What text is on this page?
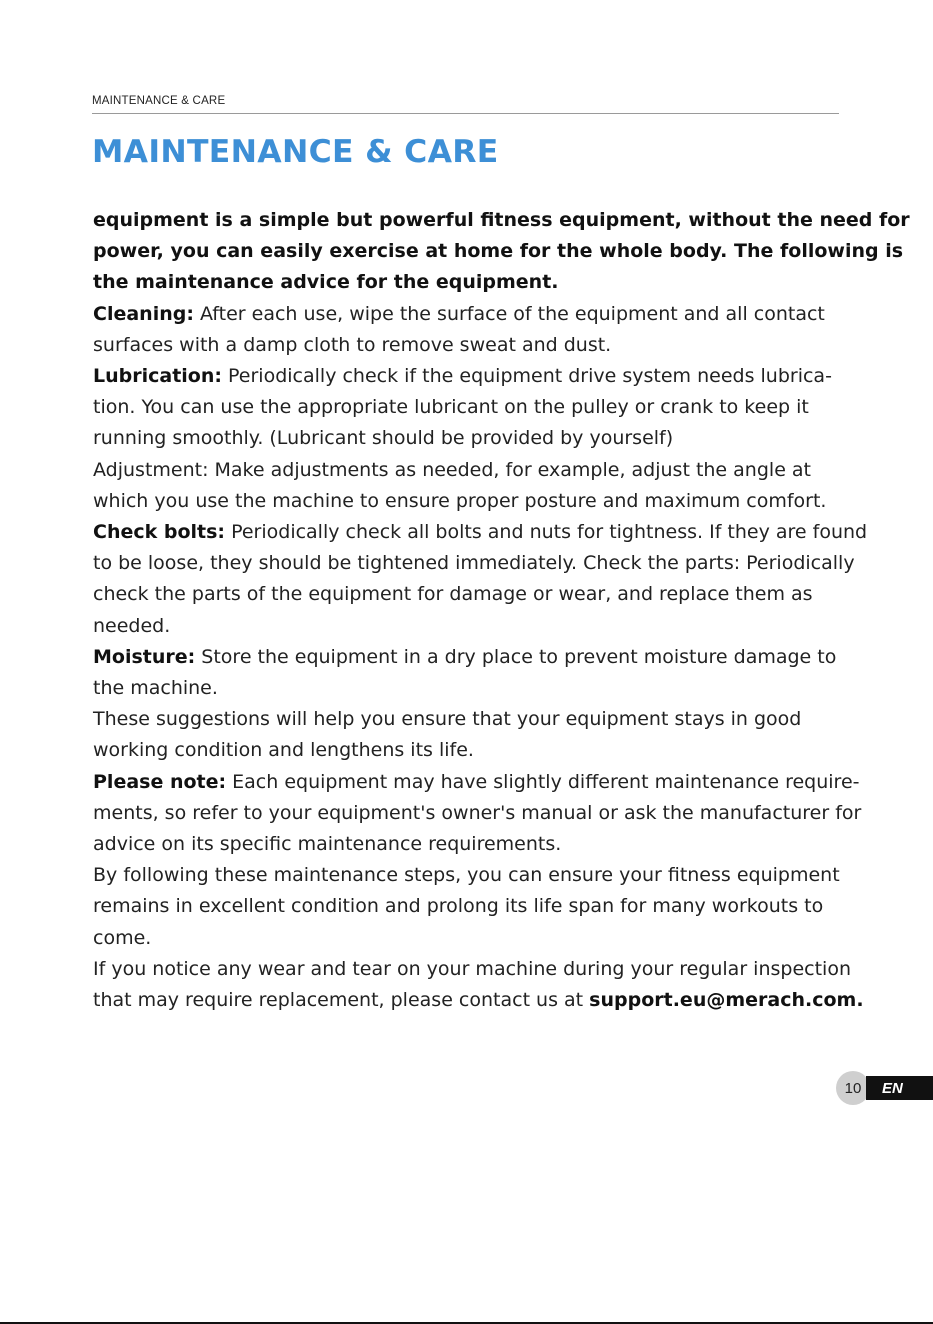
MAINTENANCE & CARE
MAINTENANCE & CARE

equipment is a simple but powerful fitness equipment, without the need for
power, you can easily exercise at home for the whole body. The following is
the maintenance advice for the equipment.

Cleaning: After each use, wipe the surface of the equipment and all contact
surfaces with a damp cloth to remove sweat and dust.

Lubrication: Periodically check if the equipment drive system needs lubrica-
tion. You can use the appropriate lubricant on the pulley or crank to keep it
running smoothly. (Lubricant should be provided by yourself)

Adjustment: Make adjustments as needed, for example, adjust the angle at
which you use the machine to ensure proper posture and maximum comfort.

Check bolts: Periodically check all bolts and nuts for tightness. If they are found
to be loose, they should be tightened immediately. Check the parts: Periodically
check the parts of the equipment for damage or wear, and replace them as
needed.

Moisture: Store the equipment in a dry place to prevent moisture damage to
the machine.

These suggestions will help you ensure that your equipment stays in good
working condition and lengthens its life.

Please note: Each equipment may have slightly different maintenance require-
ments, so refer to your equipment's owner's manual or ask the manufacturer for
advice on its specific maintenance requirements.

By following these maintenance steps, you can ensure your fitness equipment
remains in excellent condition and prolong its life span for many workouts to
come.

If you notice any wear and tear on your machine during your regular inspection
that may require replacement, please contact us at support.eu@merach.com.

10	EN
